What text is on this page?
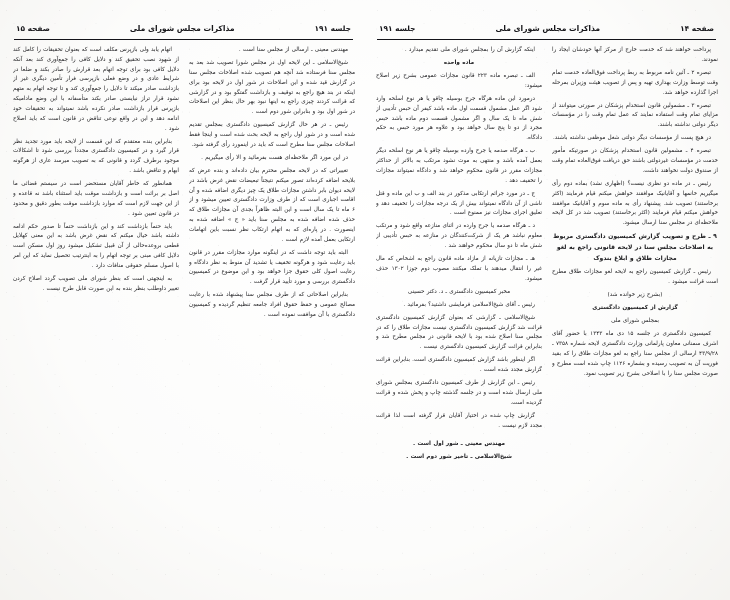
صفحه ۱۴
مذاکرات مجلس شورای ملی
جلسه ۱۹۱

پرداخت خواهند شد که خدمت خارج از مرکز آنها خودشان ایجاد را نمودند.

تبصره ۲ ـ آئین نامه مربوط به ربط پرداخت فوق‌العاده خدمت تمام وقت توسط وزارت بهداری تهیه و پس از تصویب هیئت وزیران بمرحله اجرا گذارده خواهد شد.

تبصره ۳ ـ مشمولین قانون استخدام پزشکان در صورتی میتوانند از مزایای تمام وقت استفاده نمایند که عمل تمام وقت را در مؤسسات دیگر دولتی نداشته باشند.

در هیچ پست از مؤسسات دیگر دولتی شغل موظفی نداشته باشند.

تبصره ۴ ـ مشمولین قانون استخدام پزشکان در صورتیکه مأمور خدمت در مؤسسات غیردولتی باشند حق دریافت فوق‌العاده تمام وقت از صندوق دولت نخواهند داشت.

رئیس ـ در ماده دو نظری نیست؟ (اظهاری نشد) بماده دوم رأی میگیریم خانمها و آقایانیک موافقند خواهش میکنم قیام فرمایند (اکثر برخاستند) تصویب شد. پیشنهاد رأی به ماده سوم و آقایانیک موافقند خواهش میکنم قیام فرمایند (اکثر برخاستند) تصویب شد در کل لایحه ملاحظه‌ای در مجلس سنا ارسال میشود.

۹ ـ طرح و تصویب گزارش کمیسیون دادگستری مربوط به اصلاحات مجلس سنا در لایحه قانونی راجع به لغو مجازات طلاق و ابلاغ بندوک

رئیس ـ گزارش کمیسیون راجع به لایحه لغو مجازات طلاق مطرح است قرائت میشود .

(بشرح زیر خوانده شد)

گزارش از کمیسیون دادگستری

بمجلس شورای ملی

کمیسیون دادگستری در جلسه ۱۵ دی ماه ۱۳۴۳ با حضور آقای اشرف سمنانی معاون پارلمانی وزارت دادگستری لایحه شماره ۷۳۵۸ ـ ۴۳/۹/۲۸ ارسالی از مجلس سنا راجع به لغو مجازات طلاق را که بقید فوریت آن به تصویب رسیده و بشماره ۱۱۲۶ چاپ شده است مطرح و صورت مجلس سنا را با اصلاحی بشرح زیر تصویب نمود.

اینکه گزارش آن را بمجلس شورای ملی تقدیم میدارد .

ماده واحده

الف ـ تبصره ماده ۲۲۳ قانون مجازات عمومی بشرح زیر اصلاح میشود:

درمورد این ماده هرگاه جرح بوسیله چاقو یا هر نوع اسلحه وارد شود اگر عمل مشمول قسمت اول ماده باشد کیفر آن حبس تأدیبی از شش ماه تا یک سال و اگر مشمول قسمت دوم ماده باشد حبس مجرد از دو تا پنج سال خواهد بود و علاوه هر مورد حبس به حکم دادگاه.

ب ـ هرگاه صدمه یا جرح وارده بوسیله چاقو یا هر نوع اسلحه دیگر بعمل آمده باشد و منتهی به موت نشود مرتکب به بالاتر از حداکثر مجازات مقرر در قانون محکوم خواهد شد و دادگاه نمیتواند مجازات را تخفیف دهد .

ج ـ در مورد جرائم ارتکابی مذکور در بند الف و ب این ماده و قتل ناشی از آن دادگاه نمیتواند بیش از یک درجه مجازات را تخفیف دهد و تعلیق اجرای مجازات نیز ممنوع است .

د ـ هرگاه صدمه یا جرح وارده در اثنای منازعه واقع شود و مرتکب معلوم نباشد هر یک از شرکت‌کنندگان در منازعه به حبس تأدیبی از شش ماه تا دو سال محکوم خواهند شد .

هـ ـ مجازات تازیانه از مازاد ماده قانون راجع به اشخاص که مال غیر را انتقال میدهند با تملک میکنند مصوب دوم جوزا ۱۳۰۲ حذف میشود.

مخبر کمیسیون دادگستری ـ د. دکتر حسینی

رئیس ـ آقای شیخ‌الاسلامی فرمایشی داشتید؟ بفرمائید .

شیخ‌الاسلامی ـ گزارشی که بعنوان گزارش کمیسیون دادگستری قرائت شد گزارش کمیسیون دادگستری نیست مجازات طلاق را که در مجلس سنا اصلاح شده بود با لایحه قانونی در مجلس مطرح شد و بنابراین قرائت گزارش کمیسیون دادگستری نیست .

اگر اینطور باشد گزارش کمیسیون دادگستری است. بنابراین قرائت گزارش مجدد شده است .

رئیس ـ این گزارش از طرف کمیسیون دادگستری بمجلس شورای ملی ارسال شده است و در جلسه گذشته چاپ و پخش شده و قرائت گردیده است.

گزارش چاپ شده در اختیار آقایان قرار گرفته است لذا قرائت مجدد لازم نیست .

مهندس معینی ـ شور اول است .

شیخ‌الاسلامی ـ تاخیر شور دوم است .

جلسه ۱۹۱
مذاکرات مجلس شورای ملی
صفحه ۱۵

مهندس معینی ـ ارسالی از مجلس سنا است .

شیخ‌الاسلامی ـ این لایحه اول در مجلس شورا تصویب شد بعد به مجلس سنا فرستاده شد آنچه هم تصویب شده اصلاحات مجلس سنا در گزارش قید شده و این اصلاحات در شور اول در لایحه بود برای اینکه در بند هیچ راجع به توقیف و بازداشت گفتگو بود و در گزارشی که قرائت کردند چیزی راجع به اینها نبود بهر حال بنظر این اصلاحات در شور اول بود و بنابراین شور دوم است .

رئیس ـ در هر حال گزارش کمیسیون دادگستری بمجلس تقدیم شده است و در شور اول راجع به لایحه بحث شده است و اینجا فقط اصلاحات مجلس سنا مطرح است که باید در اینمورد رأی گرفته شود.

در این مورد اگر ملاحظه‌ای هست بفرمائید و الا رأی میگیریم .

تغییراتی که در لایحه مجلس محترم بیان داده‌اند و بنده عرض که بلایحه اضافه کرده‌اند تصور میکنم نتیجتاً تبعیضات نقض غرض باشد در لایحه دیوان بابر داشتن مجازات طلاق یک چیز دیگری اضافه شده و آن اقامت اجباری است که از طرف وزارت دادگستری تعیین میشود و از ۶ ماه تا یک سال است و این البته ظاهراً بجدی آن مجازات طلاق که حذف شده اضافه شده به مجلس سنا باید « ج » اضافه شده به اینصورت . در پاره‌ای که به اتهام ارتکاب نظر نسبت باین اتهامات ارتکابی بعمل آمده لازم است .

البته باید توجه داشت که در اینگونه موارد مجازات مقرر در قانون باید رعایت شود و هرگونه تخفیف یا تشدید آن منوط به نظر دادگاه و رعایت اصول کلی حقوق جزا خواهد بود و این موضوع در کمیسیون دادگستری بررسی و مورد تأیید قرار گرفت .

بنابراین اصلاحاتی که از طرف مجلس سنا پیشنهاد شده با رعایت مصالح عمومی و حفظ حقوق افراد جامعه تنظیم گردیده و کمیسیون دادگستری با آن موافقت نموده است .

اتهام یابد ولی بازپرس مکلف است که بعنوان تحقیقات را کامل کند از شهود نصب تحقیق کند و دلایل کافی را جمع‌آوری کند بعد آنکه دلایل کافی بود برای توجه اتهام بعد قرارش را صادر بکند و ضلعا در شرایط عادی و در وضع فعلی بازپرسی فرار تأمین دیگری غیر از بازداشت صادر میکند تا دلایل را جمع‌آوری کند و تا توجه اتهام به متهم نشود قرار تراز نیایستی صادر بکند متأسفانه با این وضع مادامیکه بازپرس قرار بازداشت صادر نکرده باشد نمیتواند به تحقیقات خود ادامه دهد و این در واقع نوعی تناقض در قانون است که باید اصلاح شود .

بنابراین بنده معتقدم که این قسمت از لایحه باید مورد تجدید نظر قرار گیرد و در کمیسیون دادگستری مجدداً بررسی شود تا اشکالات موجود برطرف گردد و قانونی که به تصویب میرسد عاری از هرگونه ابهام و تناقض باشد .

همانطور که خاطر آقایان مستحضر است در سیستم قضائی ما اصل بر برائت است و بازداشت موقت باید استثناء باشد نه قاعده و از این جهت لازم است که موارد بازداشت موقت بطور دقیق و محدود در قانون تعیین شود .

باید حتماً بازداشت کند و این بازداشت حتماً تا صدور حکم ادامه داشته باشد خیال میکنم که نقض غرض باشد به این معنی کهلایل قطعی بروعده‌حالی از آن قبیل تشکیل میشود روز اول مسکن است دلایل کافی مبنی بر توجه اتهام را به اینترتیب تحصیل نماید که این امر با اصول مسلم حقوقی منافات دارد .

به اینجهتی است که بنظر شورای ملی تصویب گردد اصلاح کردن تغییر داوطلب بنظر بنده به این صورت قابل طرح نیست .
